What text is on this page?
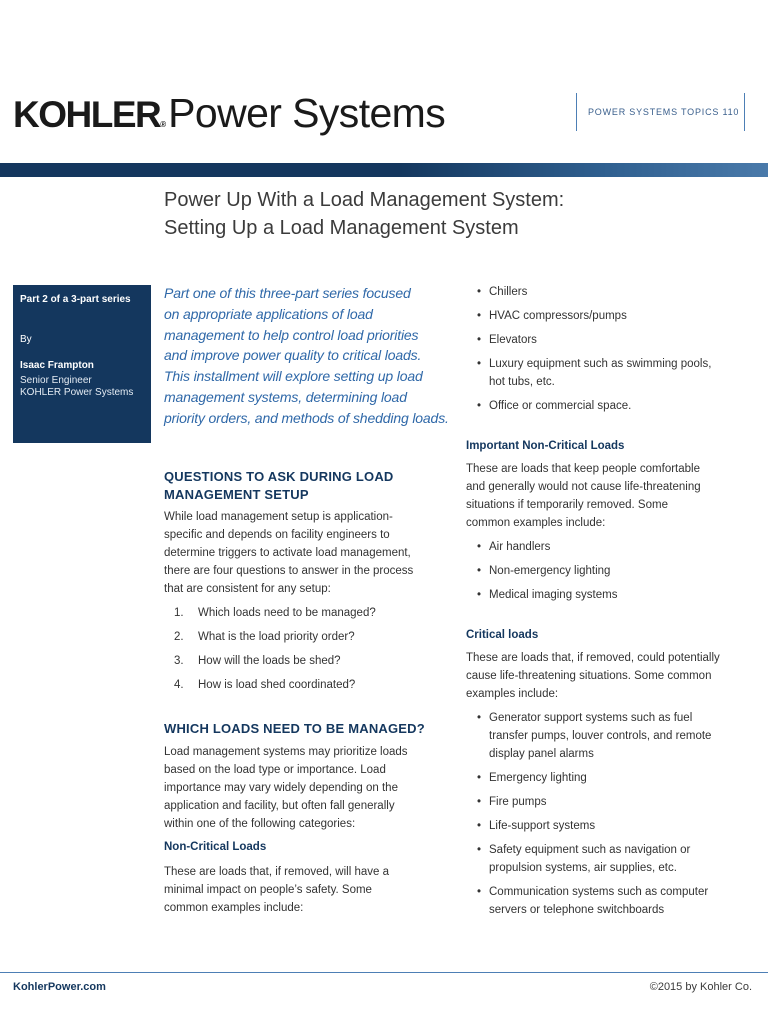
KOHLER®Power Systems	POWER SYSTEMS TOPICS 110
Power Up With a Load Management System:
Setting Up a Load Management System
Part 2 of a 3-part series
By
Isaac Frampton
Senior Engineer
KOHLER Power Systems
Part one of this three-part series focused
on appropriate applications of load
management to help control load priorities
and improve power quality to critical loads.
This installment will explore setting up load
management systems, determining load
priority orders, and methods of shedding loads.
QUESTIONS TO ASK DURING LOAD
MANAGEMENT SETUP
While load management setup is application-
specific and depends on facility engineers to
determine triggers to activate load management,
there are four questions to answer in the process
that are consistent for any setup:
1. Which loads need to be managed?
2. What is the load priority order?
3. How will the loads be shed?
4. How is load shed coordinated?
WHICH LOADS NEED TO BE MANAGED?
Load management systems may prioritize loads
based on the load type or importance. Load
importance may vary widely depending on the
application and facility, but often fall generally
within one of the following categories:
Non-Critical Loads
These are loads that, if removed, will have a
minimal impact on people’s safety. Some
common examples include:
• Chillers
• HVAC compressors/pumps
• Elevators
• Luxury equipment such as swimming pools,
hot tubs, etc.
• Office or commercial space.
Important Non-Critical Loads
These are loads that keep people comfortable
and generally would not cause life-threatening
situations if temporarily removed. Some
common examples include:
• Air handlers
• Non-emergency lighting
• Medical imaging systems
Critical loads
These are loads that, if removed, could potentially
cause life-threatening situations. Some common
examples include:
• Generator support systems such as fuel
transfer pumps, louver controls, and remote
display panel alarms
• Emergency lighting
• Fire pumps
• Life-support systems
• Safety equipment such as navigation or
propulsion systems, air supplies, etc.
• Communication systems such as computer
servers or telephone switchboards
KohlerPower.com	©2015 by Kohler Co.
